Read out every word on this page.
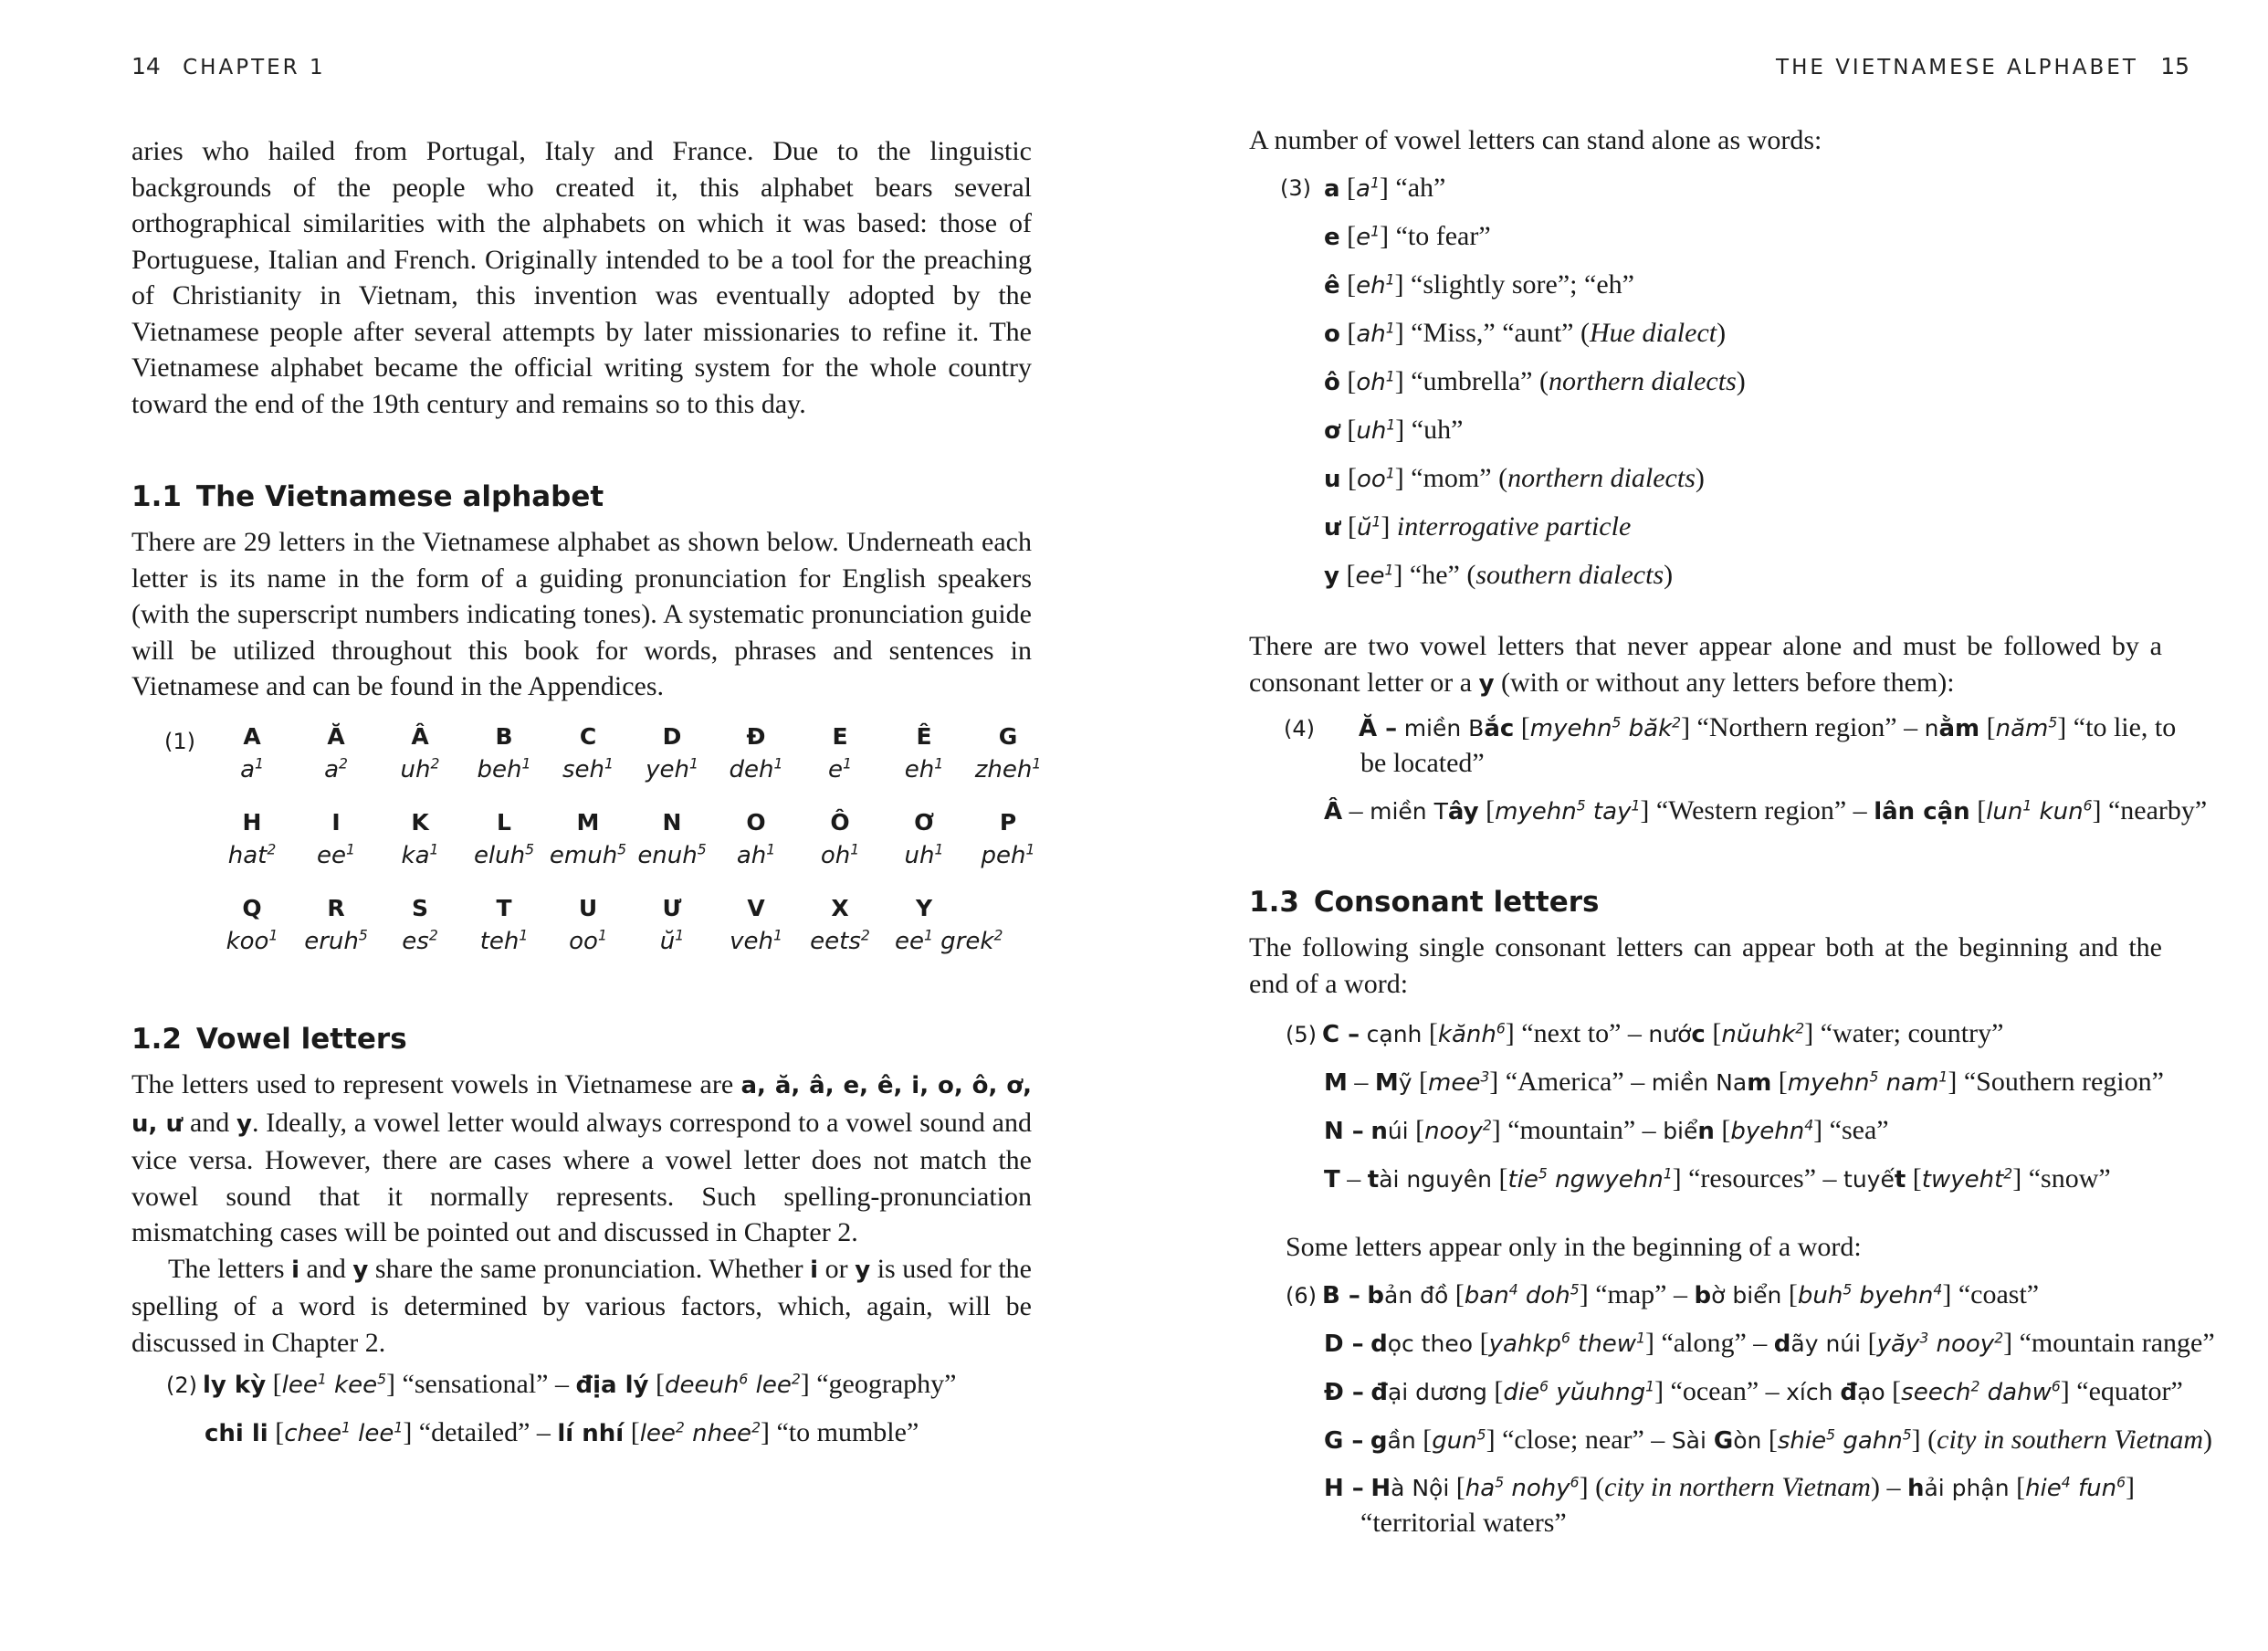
14 CHAPTER 1

aries who hailed from Portugal, Italy and France. Due to the linguistic backgrounds of the people who created it, this alphabet bears several orthographical similarities with the alphabets on which it was based: those of Portuguese, Italian and French. Originally intended to be a tool for the preaching of Christianity in Vietnam, this invention was eventually adopted by the Vietnamese people after several attempts by later missionaries to refine it. The Vietnamese alphabet became the official writing system for the whole country toward the end of the 19th century and remains so to this day.

1.1 The Vietnamese alphabet

There are 29 letters in the Vietnamese alphabet as shown below. Underneath each letter is its name in the form of a guiding pronunciation for English speakers (with the superscript numbers indicating tones). A systematic pronunciation guide will be utilized throughout this book for words, phrases and sentences in Vietnamese and can be found in the Appendices.

(1)	A
$a^1$
Ă
$a^2$
Â
$uh^2$
B
beh$^1$
C
seh$^1$
D
yeh$^1$
Đ
deh$^1$
E
$e^1$
Ê
$eh^1$
G
zheh$^1$
H
hat$^2$
I
$ee^1$
K
$ka^1$
L
eluh$^5$
M
emuh$^5$
N
enuh$^5$
O
$ah^1$
Ô
$oh^1$
Ơ
$uh^1$
P
peh$^1$
Q
koo$^1$
R
eruh$^5$
S
$es^2$
T
teh$^1$
U
$oo^1$
Ư
$ŭ^1$
V
veh$^1$
X
eets$^2$
Y
$ee^1$ grek$^2$
1.2 Vowel letters

The letters used to represent vowels in Vietnamese are a, ă, â, e, ê, i, o, ô, ơ, u, ư and y. Ideally, a vowel letter would always correspond to a vowel sound and vice versa. However, there are cases where a vowel letter does not match the vowel sound that it normally represents. Such spelling-pronunciation mismatching cases will be pointed out and discussed in Chapter 2.

The letters i and y share the same pronunciation. Whether i or y is used for the spelling of a word is determined by various factors, which, again, will be discussed in Chapter 2.

(2) ly kỳ [lee$^1$ kee$^5$] “sensational” – địa lý [deeuh$^6$ lee$^2$] “geography”
chi li [chee$^1$ lee$^1$] “detailed” – lí nhí [lee$^2$ nhee$^2$] “to mumble”
THE VIETNAMESE ALPHABET 15

A number of vowel letters can stand alone as words:

(3) a $[a^1]$ “ah”
e $[e^1]$ “to fear”
ê $[eh^1]$ “slightly sore”; “eh”
o $[ah^1]$ “Miss,” “aunt” (Hue dialect)
ô $[oh^1]$ “umbrella” (northern dialects)
ơ $[uh^1]$ “uh”
u $[oo^1]$ “mom” (northern dialects)
ư $[ŭ^1]$ interrogative particle
y $[ee^1]$ “he” (southern dialects)

There are two vowel letters that never appear alone and must be followed by a consonant letter or a y (with or without any letters before them):

(4) Ă – miền Bắc [myehn$^5$ băk$^2$] “Northern region” – nằm [năm$^5$] “to lie, to be located”
Â – miền Tây [myehn$^5$ tay$^1$] “Western region” – lân cận [lun$^1$ kun$^6$] “nearby”
1.3 Consonant letters

The following single consonant letters can appear both at the beginning and the end of a word:

(5) C – cạnh [kănh$^6$] “next to” – nước [nŭuhk$^2$] “water; country”
M – Mỹ [mee$^3$] “America” – miền Nam [myehn$^5$ nam$^1$] “Southern region”
N – núi [nooy$^2$] “mountain” – biển [byehn$^4$] “sea”
T – tài nguyên [tie$^5$ ngwyehn$^1$] “resources” – tuyết [twyeht$^2$] “snow”

Some letters appear only in the beginning of a word:

(6) B – bản đồ [ban$^4$ doh$^5$] “map” – bờ biển [buh$^5$ byehn$^4$] “coast”
D – dọc theo [yahkp$^6$ thew$^1$] “along” – dãy núi [yăy$^3$ nooy$^2$] “mountain range”
Đ – đại dương [die$^6$ yŭuhng$^1$] “ocean” – xích đạo [seech$^2$ dahw$^6$] “equator”
G – gần [gun$^5$] “close; near” – Sài Gòn [shie$^5$ gahn$^5$] (city in southern Vietnam)
H – Hà Nội [$ha^5$ nohy$^6$] (city in northern Vietnam) – hải phận [hie$^4$ fun$^6$] “territorial waters”
